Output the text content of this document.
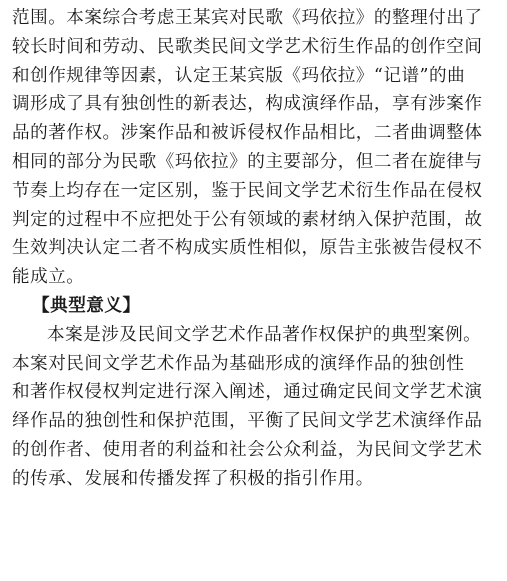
范围。本案综合考虑王某宾对民歌《玛依拉》的整理付出了
较长时间和劳动、民歌类民间文学艺术衍生作品的创作空间
和创作规律等因素，认定王某宾版《玛依拉》“记谱”的曲
调形成了具有独创性的新表达，构成演绎作品，享有涉案作
品的著作权。涉案作品和被诉侵权作品相比，二者曲调整体
相同的部分为民歌《玛依拉》的主要部分，但二者在旋律与
节奏上均存在一定区别，鉴于民间文学艺术衍生作品在侵权
判定的过程中不应把处于公有领域的素材纳入保护范围，故
生效判决认定二者不构成实质性相似，原告主张被告侵权不
能成立。
【典型意义】
本案是涉及民间文学艺术作品著作权保护的典型案例。
本案对民间文学艺术作品为基础形成的演绎作品的独创性
和著作权侵权判定进行深入阐述，通过确定民间文学艺术演
绎作品的独创性和保护范围，平衡了民间文学艺术演绎作品
的创作者、使用者的利益和社会公众利益，为民间文学艺术
的传承、发展和传播发挥了积极的指引作用。
